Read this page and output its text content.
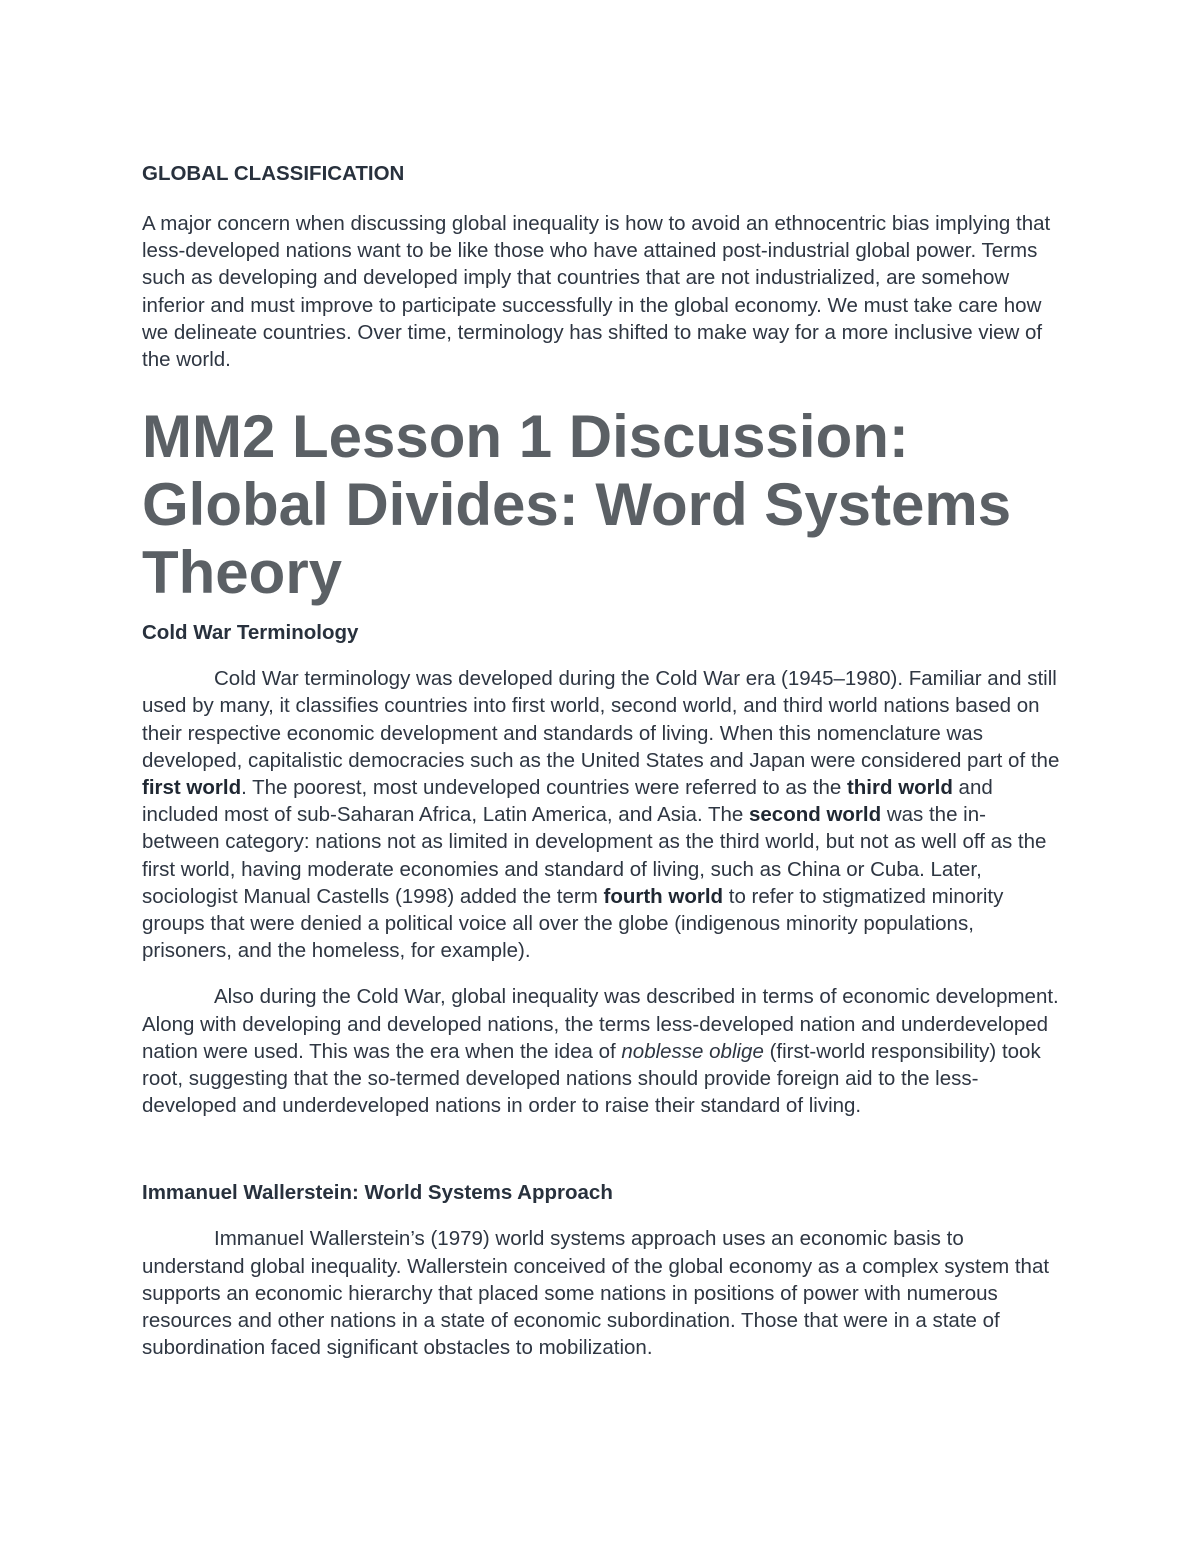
GLOBAL CLASSIFICATION

A major concern when discussing global inequality is how to avoid an ethnocentric bias implying that less-developed nations want to be like those who have attained post-industrial global power. Terms such as developing and developed imply that countries that are not industrialized, are somehow inferior and must improve to participate successfully in the global economy. We must take care how we delineate countries. Over time, terminology has shifted to make way for a more inclusive view of the world.

MM2 Lesson 1 Discussion: Global Divides: Word Systems Theory
Cold War Terminology

Cold War terminology was developed during the Cold War era (1945–1980). Familiar and still used by many, it classifies countries into first world, second world, and third world nations based on their respective economic development and standards of living. When this nomenclature was developed, capitalistic democracies such as the United States and Japan were considered part of the first world. The poorest, most undeveloped countries were referred to as the third world and included most of sub-Saharan Africa, Latin America, and Asia. The second world was the in-between category: nations not as limited in development as the third world, but not as well off as the first world, having moderate economies and standard of living, such as China or Cuba. Later, sociologist Manual Castells (1998) added the term fourth world to refer to stigmatized minority groups that were denied a political voice all over the globe (indigenous minority populations, prisoners, and the homeless, for example).

Also during the Cold War, global inequality was described in terms of economic development. Along with developing and developed nations, the terms less-developed nation and underdeveloped nation were used. This was the era when the idea of noblesse oblige (first-world responsibility) took root, suggesting that the so-termed developed nations should provide foreign aid to the less-developed and underdeveloped nations in order to raise their standard of living.

Immanuel Wallerstein: World Systems Approach

Immanuel Wallerstein’s (1979) world systems approach uses an economic basis to understand global inequality. Wallerstein conceived of the global economy as a complex system that supports an economic hierarchy that placed some nations in positions of power with numerous resources and other nations in a state of economic subordination. Those that were in a state of subordination faced significant obstacles to mobilization.
